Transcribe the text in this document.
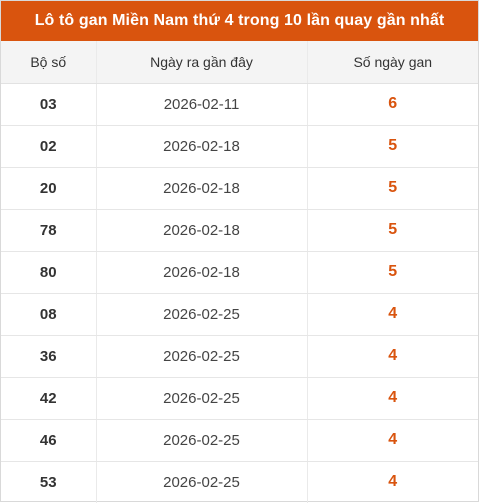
Lô tô gan Miền Nam thứ 4 trong 10 lần quay gần nhất
Bộ số	Ngày ra gần đây	Số ngày gan
03	2026-02-11	6
02	2026-02-18	5
20	2026-02-18	5
78	2026-02-18	5
80	2026-02-18	5
08	2026-02-25	4
36	2026-02-25	4
42	2026-02-25	4
46	2026-02-25	4
53	2026-02-25	4
